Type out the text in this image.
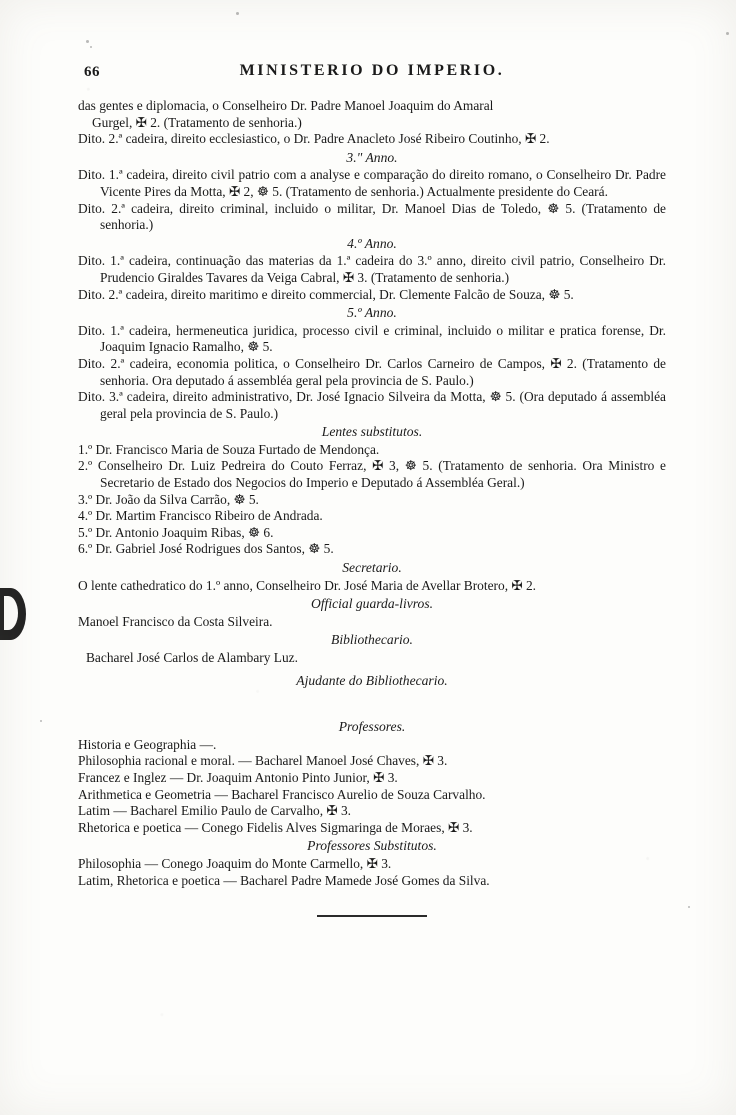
66	MINISTERIO DO IMPERIO.

das gentes e diplomacia, o Conselheiro Dr. Padre Manoel Joaquim do Amaral

Gurgel, ✠ 2. (Tratamento de senhoria.)

Dito. 2.ª cadeira, direito ecclesiastico, o Dr. Padre Anacleto José Ribeiro Coutinho, ✠ 2.

3." Anno.

Dito. 1.ª cadeira, direito civil patrio com a analyse e comparação do direito romano, o Conselheiro Dr. Padre Vicente Pires da Motta, ✠ 2, ☸ 5. (Tratamento de senhoria.) Actualmente presidente do Ceará.

Dito. 2.ª cadeira, direito criminal, incluido o militar, Dr. Manoel Dias de Toledo, ☸ 5. (Tratamento de senhoria.)

4.º Anno.

Dito. 1.ª cadeira, continuação das materias da 1.ª cadeira do 3.º anno, direito civil patrio, Conselheiro Dr. Prudencio Giraldes Tavares da Veiga Cabral, ✠ 3. (Tratamento de senhoria.)

Dito. 2.ª cadeira, direito maritimo e direito commercial, Dr. Clemente Falcão de Souza, ☸ 5.

5.º Anno.

Dito. 1.ª cadeira, hermeneutica juridica, processo civil e criminal, incluido o militar e pratica forense, Dr. Joaquim Ignacio Ramalho, ☸ 5.

Dito. 2.ª cadeira, economia politica, o Conselheiro Dr. Carlos Carneiro de Campos, ✠ 2. (Tratamento de senhoria. Ora deputado á assembléa geral pela provincia de S. Paulo.)

Dito. 3.ª cadeira, direito administrativo, Dr. José Ignacio Silveira da Motta, ☸ 5. (Ora deputado á assembléa geral pela provincia de S. Paulo.)

Lentes substitutos.

1.º Dr. Francisco Maria de Souza Furtado de Mendonça.

2.º Conselheiro Dr. Luiz Pedreira do Couto Ferraz, ✠ 3, ☸ 5. (Tratamento de senhoria. Ora Ministro e Secretario de Estado dos Negocios do Imperio e Deputado á Assembléa Geral.)

3.º Dr. João da Silva Carrão, ☸ 5.

4.º Dr. Martim Francisco Ribeiro de Andrada.

5.º Dr. Antonio Joaquim Ribas, ☸ 6.

6.º Dr. Gabriel José Rodrigues dos Santos, ☸ 5.

Secretario.

O lente cathedratico do 1.º anno, Conselheiro Dr. José Maria de Avellar Brotero, ✠ 2.

Official guarda-livros.

Manoel Francisco da Costa Silveira.

Bibliothecario.

Bacharel José Carlos de Alambary Luz.

Ajudante do Bibliothecario.

Professores.

Historia e Geographia —.

Philosophia racional e moral. — Bacharel Manoel José Chaves, ✠ 3.

Francez e Inglez — Dr. Joaquim Antonio Pinto Junior, ✠ 3.

Arithmetica e Geometria — Bacharel Francisco Aurelio de Souza Carvalho.

Latim — Bacharel Emilio Paulo de Carvalho, ✠ 3.

Rhetorica e poetica — Conego Fidelis Alves Sigmaringa de Moraes, ✠ 3.

Professores Substitutos.

Philosophia — Conego Joaquim do Monte Carmello, ✠ 3.

Latim, Rhetorica e poetica — Bacharel Padre Mamede José Gomes da Silva.
